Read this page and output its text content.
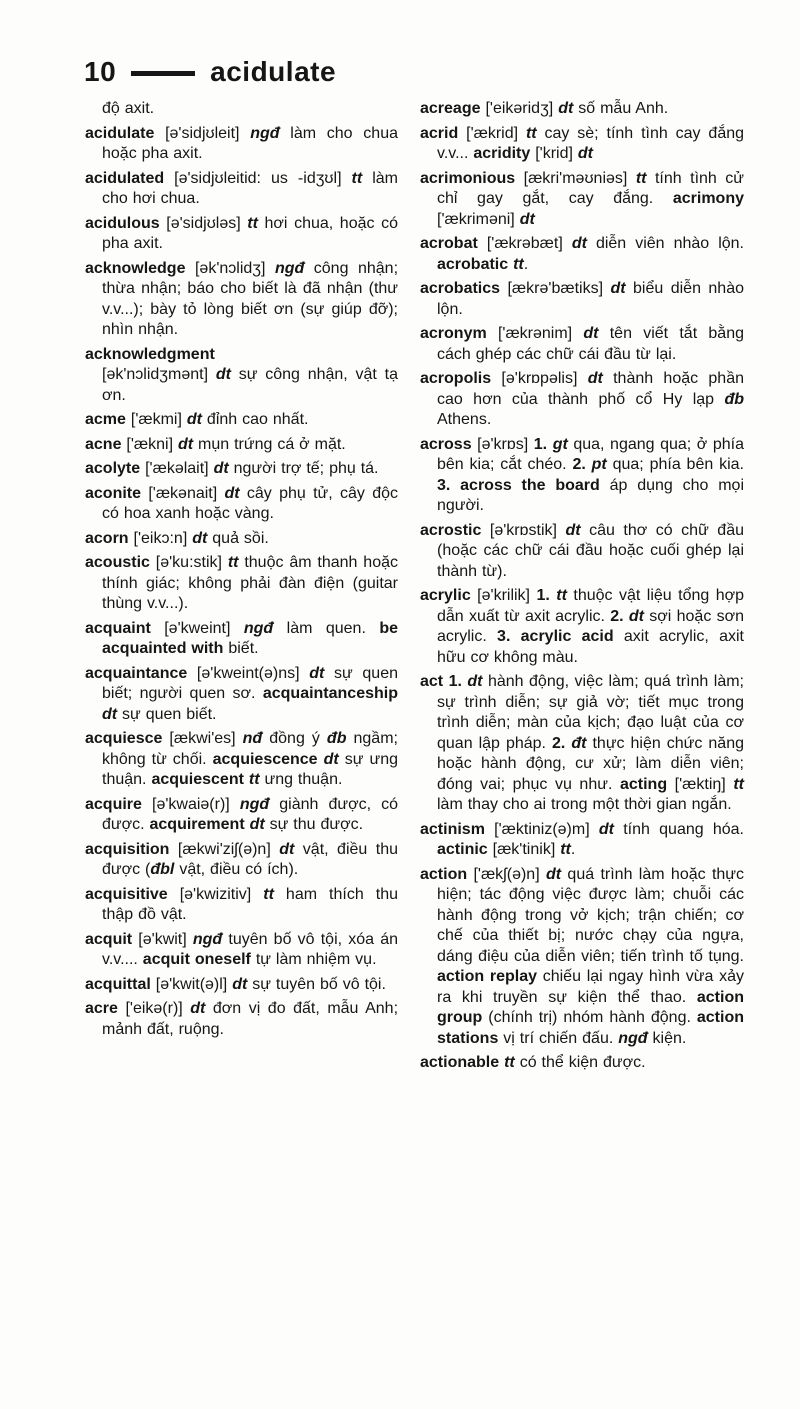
10	acidulate

độ axit.

acidulate [ə'sidjʊleit] ngđ làm cho chua hoặc pha axit.

acidulated [ə'sidjʊleitid: us -idʒʊl] tt làm cho hơi chua.

acidulous [ə'sidjʊləs] tt hơi chua, hoặc có pha axit.

acknowledge [ək'nɔlidʒ] ngđ công nhận; thừa nhận; báo cho biết là đã nhận (thư v.v...); bày tỏ lòng biết ơn (sự giúp đỡ); nhìn nhận.

acknowledgment
[ək'nɔlidʒmənt] dt sự công nhận, vật tạ ơn.

acme ['ækmi] dt đỉnh cao nhất.

acne ['ækni] dt mụn trứng cá ở mặt.

acolyte ['ækəlait] dt người trợ tế; phụ tá.

aconite ['ækənait] dt cây phụ tử, cây độc có hoa xanh hoặc vàng.

acorn ['eikɔ:n] dt quả sồi.

acoustic [ə'ku:stik] tt thuộc âm thanh hoặc thính giác; không phải đàn điện (guitar thùng v.v...).

acquaint [ə'kweint] ngđ làm quen. be acquainted with biết.

acquaintance [ə'kweint(ə)ns] dt sự quen biết; người quen sơ. acquaintanceship dt sự quen biết.

acquiesce [ækwi'es] nđ đồng ý đb ngầm; không từ chối. acquiescence dt sự ưng thuận. acquiescent tt ưng thuận.

acquire [ə'kwaiə(r)] ngđ giành được, có được. acquirement dt sự thu được.

acquisition [ækwi'ziʃ(ə)n] dt vật, điều thu được (đbl vật, điều có ích).

acquisitive [ə'kwizitiv] tt ham thích thu thập đồ vật.

acquit [ə'kwit] ngđ tuyên bố vô tội, xóa án v.v.... acquit oneself tự làm nhiệm vụ.

acquittal [ə'kwit(ə)l] dt sự tuyên bố vô tội.

acre ['eikə(r)] dt đơn vị đo đất, mẫu Anh; mảnh đất, ruộng.

acreage ['eikəridʒ] dt số mẫu Anh.

acrid ['ækrid] tt cay sè; tính tình cay đắng v.v... acridity ['krid] dt

acrimonious [ækri'məʊniəs] tt tính tình cử chỉ gay gắt, cay đắng. acrimony ['ækriməni] dt

acrobat ['ækrəbæt] dt diễn viên nhào lộn. acrobatic tt.

acrobatics [ækrə'bætiks] dt biểu diễn nhào lộn.

acronym ['ækrənim] dt tên viết tắt bằng cách ghép các chữ cái đầu từ lại.

acropolis [ə'krɒpəlis] dt thành hoặc phần cao hơn của thành phố cổ Hy lạp đb Athens.

across [ə'krɒs] 1. gt qua, ngang qua; ở phía bên kia; cắt chéo. 2. pt qua; phía bên kia. 3. across the board áp dụng cho mọi người.

acrostic [ə'krɒstik] dt câu thơ có chữ đầu (hoặc các chữ cái đầu hoặc cuối ghép lại thành từ).

acrylic [ə'krilik] 1. tt thuộc vật liệu tổng hợp dẫn xuất từ axit acrylic. 2. dt sợi hoặc sơn acrylic. 3. acrylic acid axit acrylic, axit hữu cơ không màu.

act 1. dt hành động, việc làm; quá trình làm; sự trình diễn; sự giả vờ; tiết mục trong trình diễn; màn của kịch; đạo luật của cơ quan lập pháp. 2. đt thực hiện chức năng hoặc hành động, cư xử; làm diễn viên; đóng vai; phục vụ như. acting ['æktiŋ] tt làm thay cho ai trong một thời gian ngắn.

actinism ['æktiniz(ə)m] dt tính quang hóa. actinic [æk'tinik] tt.

action ['ækʃ(ə)n] dt quá trình làm hoặc thực hiện; tác động việc được làm; chuỗi các hành động trong vở kịch; trận chiến; cơ chế của thiết bị; nước chạy của ngựa, dáng điệu của diễn viên; tiến trình tố tụng. action replay chiếu lại ngay hình vừa xảy ra khi truyền sự kiện thể thao. action group (chính trị) nhóm hành động. action stations vị trí chiến đấu. ngđ kiện.

actionable tt có thể kiện được.
